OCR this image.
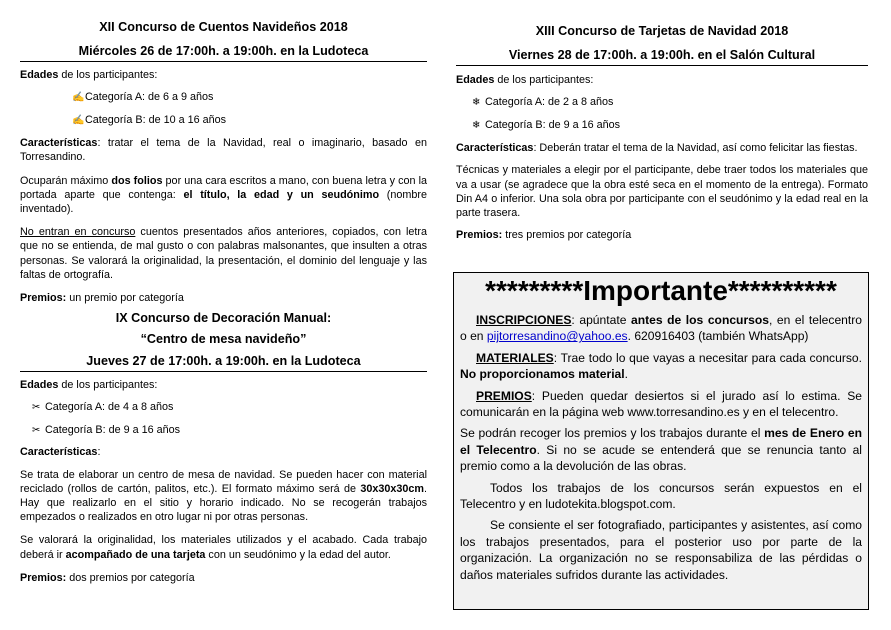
XII Concurso de Cuentos Navideños 2018

Miércoles 26 de 17:00h. a 19:00h. en la Ludoteca

Edades de los participantes:

✍Categoría A: de 6 a 9 años

✍Categoría B: de 10 a 16 años

Características: tratar el tema de la Navidad, real o imaginario, basado en Torresandino.

Ocuparán máximo dos folios por una cara escritos a mano, con buena letra y con la portada aparte que contenga: el título, la edad y un seudónimo (nombre inventado).

No entran en concurso cuentos presentados años anteriores, copiados, con letra que no se entienda, de mal gusto o con palabras malsonantes, que insulten a otras personas. Se valorará la originalidad, la presentación, el dominio del lenguaje y las faltas de ortografía.

Premios: un premio por categoría

IX Concurso de Decoración Manual:

“Centro de mesa navideño”

Jueves 27 de 17:00h. a 19:00h. en la Ludoteca

Edades de los participantes:

✂ Categoría A: de 4 a 8 años

✂ Categoría B: de 9 a 16 años

Características:

Se trata de elaborar un centro de mesa de navidad. Se pueden hacer con material reciclado (rollos de cartón, palitos, etc.). El formato máximo será de 30x30x30cm. Hay que realizarlo en el sitio y horario indicado. No se recogerán trabajos empezados o realizados en otro lugar ni por otras personas.

Se valorará la originalidad, los materiales utilizados y el acabado. Cada trabajo deberá ir acompañado de una tarjeta con un seudónimo y la edad del autor.

Premios: dos premios por categoría

XIII Concurso de Tarjetas de Navidad 2018

Viernes 28 de 17:00h. a 19:00h. en el Salón Cultural

Edades de los participantes:

❄ Categoría A: de 2 a 8 años

❄ Categoría B: de 9 a 16 años

Características: Deberán tratar el tema de la Navidad, así como felicitar las fiestas.

Técnicas y materiales a elegir por el participante, debe traer todos los materiales que va a usar (se agradece que la obra esté seca en el momento de la entrega). Formato Din A4 o inferior. Una sola obra por participante con el seudónimo y la edad real en la parte trasera.

Premios: tres premios por categoría

*********Importante**********

INSCRIPCIONES: apúntate antes de los concursos, en el telecentro o en pijtorresandino@yahoo.es. 620916403 (también WhatsApp)

MATERIALES: Trae todo lo que vayas a necesitar para cada concurso. No proporcionamos material.

PREMIOS: Pueden quedar desiertos si el jurado así lo estima. Se comunicarán en la página web www.torresandino.es y en el telecentro.

Se podrán recoger los premios y los trabajos durante el mes de Enero en el Telecentro. Si no se acude se entenderá que se renuncia tanto al premio como a la devolución de las obras.

Todos los trabajos de los concursos serán expuestos en el Telecentro y en ludotekita.blogspot.com.

Se consiente el ser fotografiado, participantes y asistentes, así como los trabajos presentados, para el posterior uso por parte de la organización. La organización no se responsabiliza de las pérdidas o daños materiales sufridos durante las actividades.
